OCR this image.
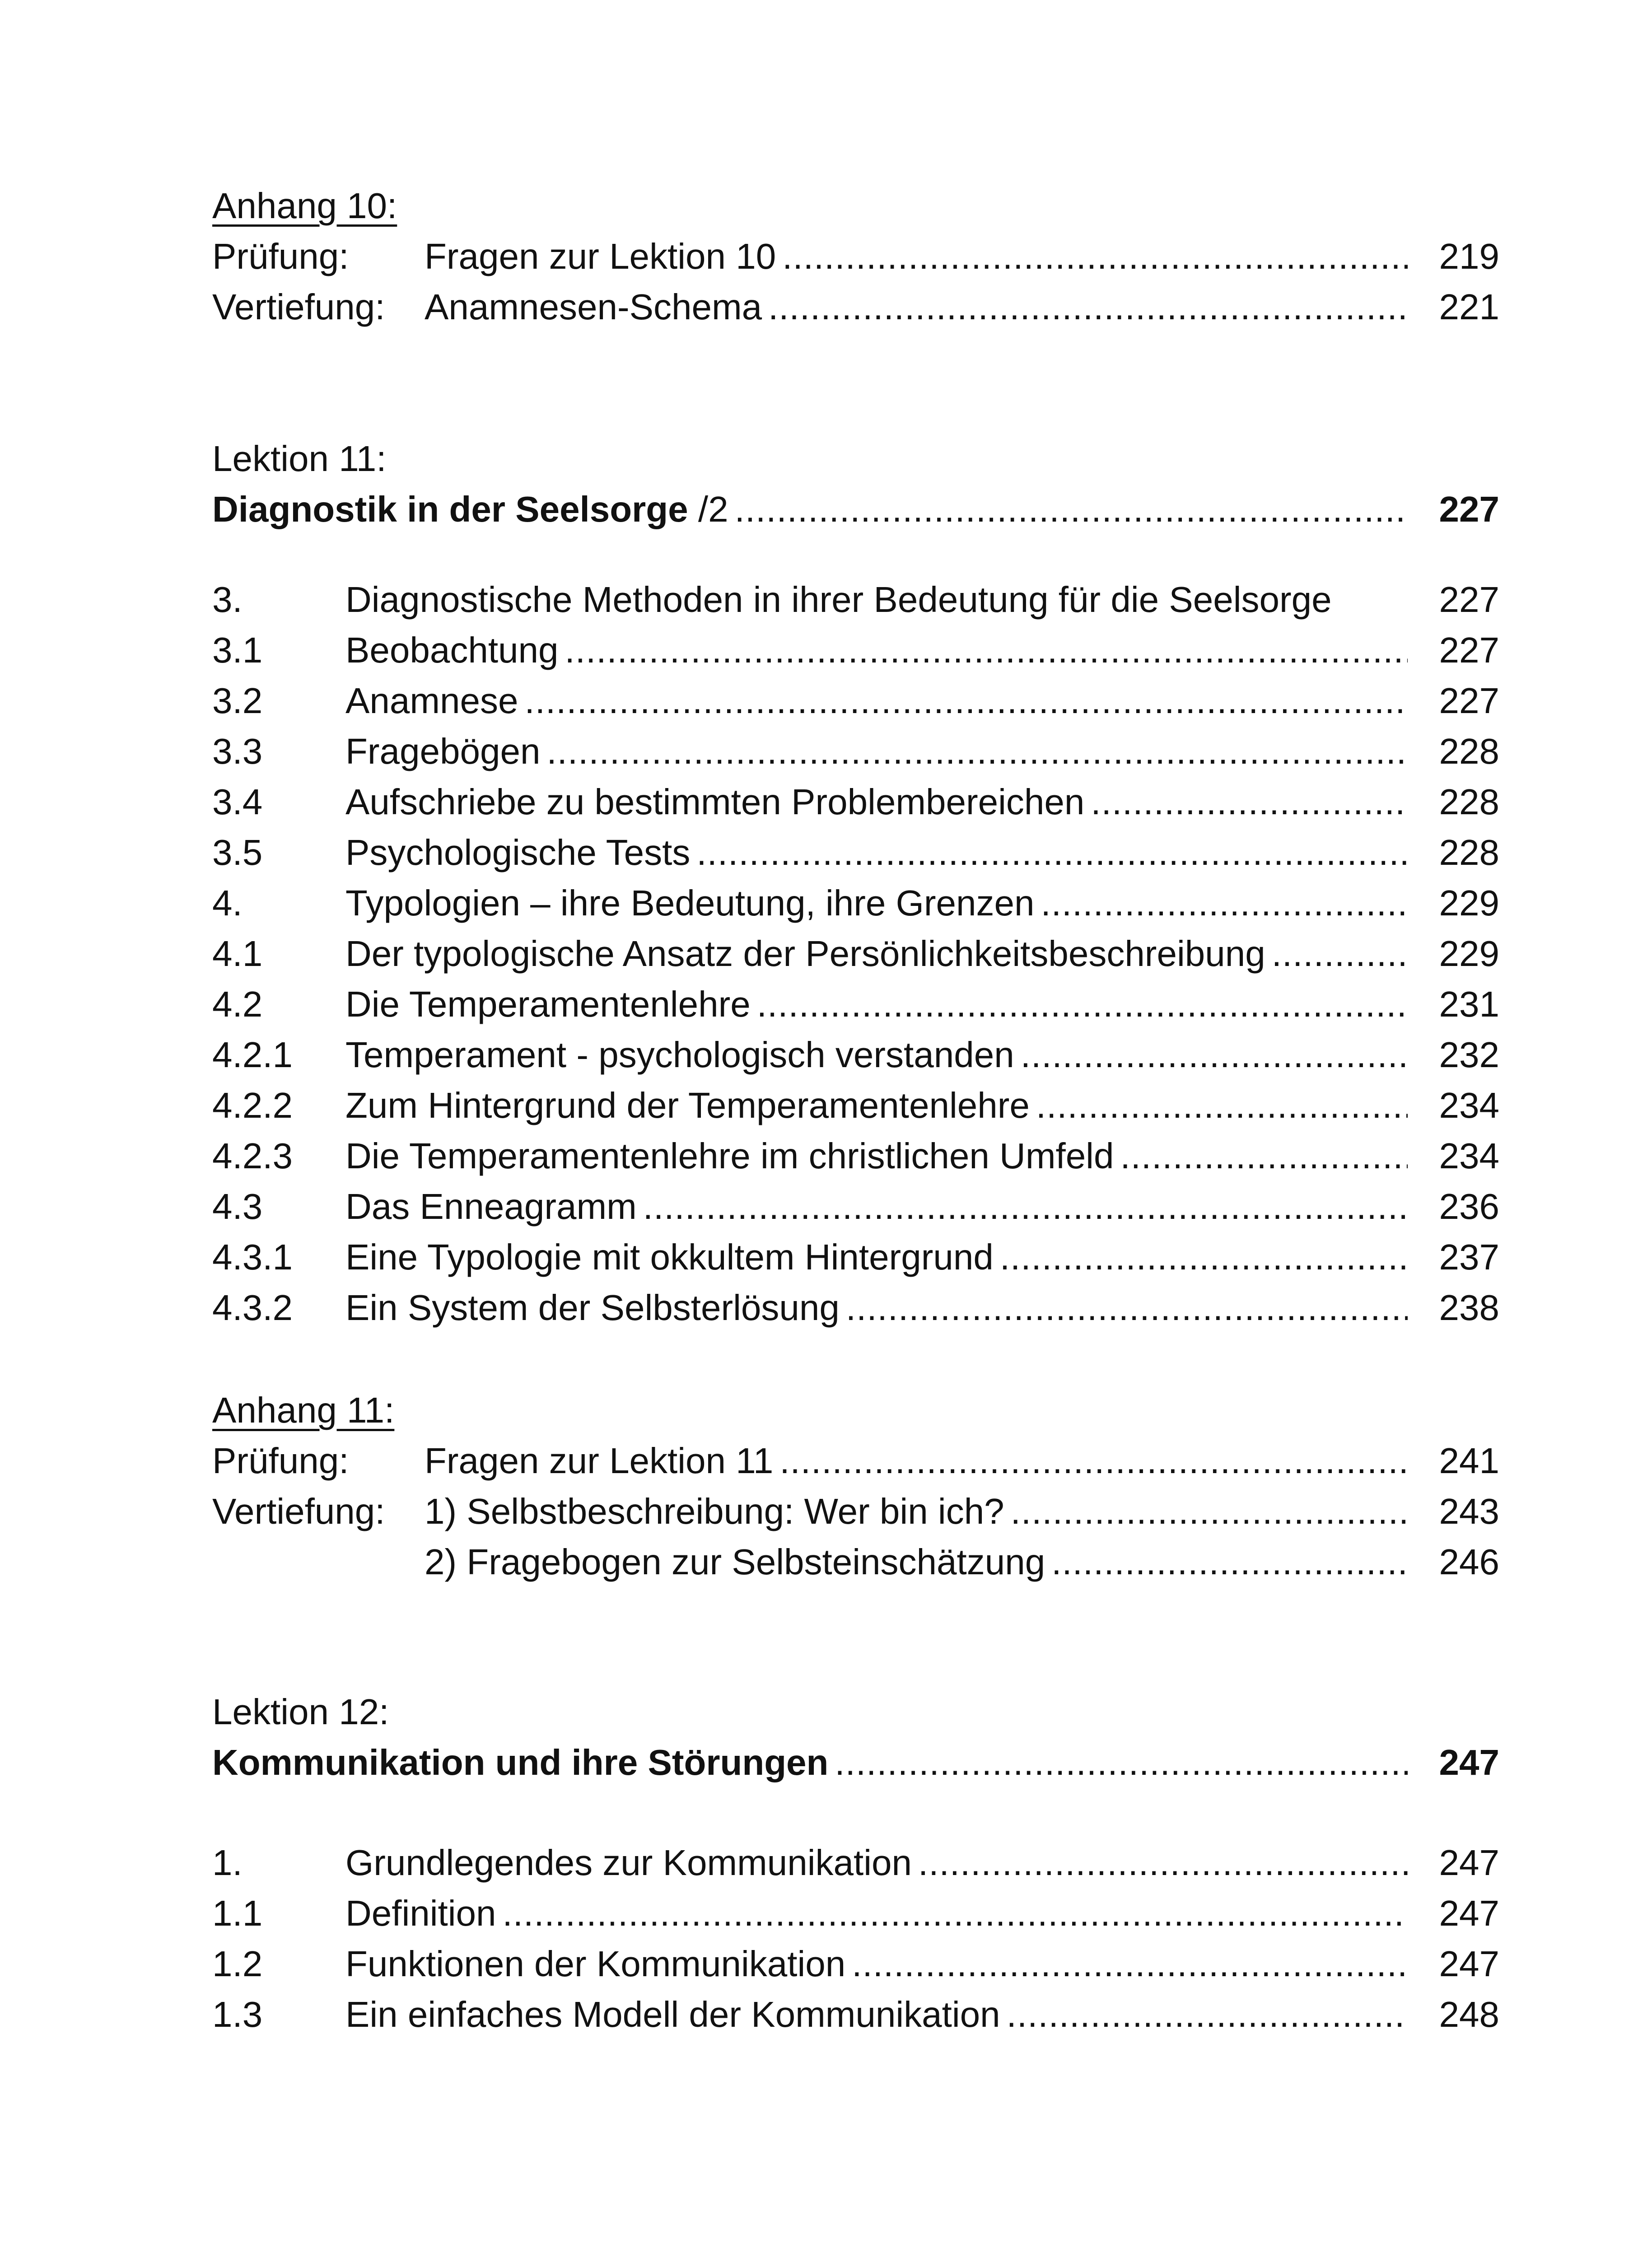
Anhang 10:
Prüfung: Fragen zur Lektion 10 .....	219
Vertiefung: Anamnesen-Schema .....	221
Lektion 11:
Diagnostik in der Seelsorge /2 .....	227
3.	Diagnostische Methoden in ihrer Bedeutung für die Seelsorge	227
3.1 Beobachtung .....	227
3.2 Anamnese .....	227
3.3 Fragebögen .....	228
3.4 Aufschriebe zu bestimmten Problembereichen .....	228
3.5 Psychologische Tests .....	228
4.	Typologien – ihre Bedeutung, ihre Grenzen .....	229
4.1 Der typologische Ansatz der Persönlichkeitsbeschreibung .....	229
4.2 Die Temperamentenlehre .....	231
4.2.1 Temperament - psychologisch verstanden .....	232
4.2.2 Zum Hintergrund der Temperamentenlehre .....	234
4.2.3 Die Temperamentenlehre im christlichen Umfeld .....	234
4.3 Das Enneagramm .....	236
4.3.1 Eine Typologie mit okkultem Hintergrund .....	237
4.3.2 Ein System der Selbsterlösung .....	238
Anhang 11:
Prüfung: Fragen zur Lektion 11 .....	241
Vertiefung: 1) Selbstbeschreibung: Wer bin ich? .....	243
2) Fragebogen zur Selbsteinschätzung .....	246
Lektion 12:
Kommunikation und ihre Störungen .....	247
1.	Grundlegendes zur Kommunikation .....	247
1.1 Definition .....	247
1.2 Funktionen der Kommunikation .....	247
1.3 Ein einfaches Modell der Kommunikation .....	248
